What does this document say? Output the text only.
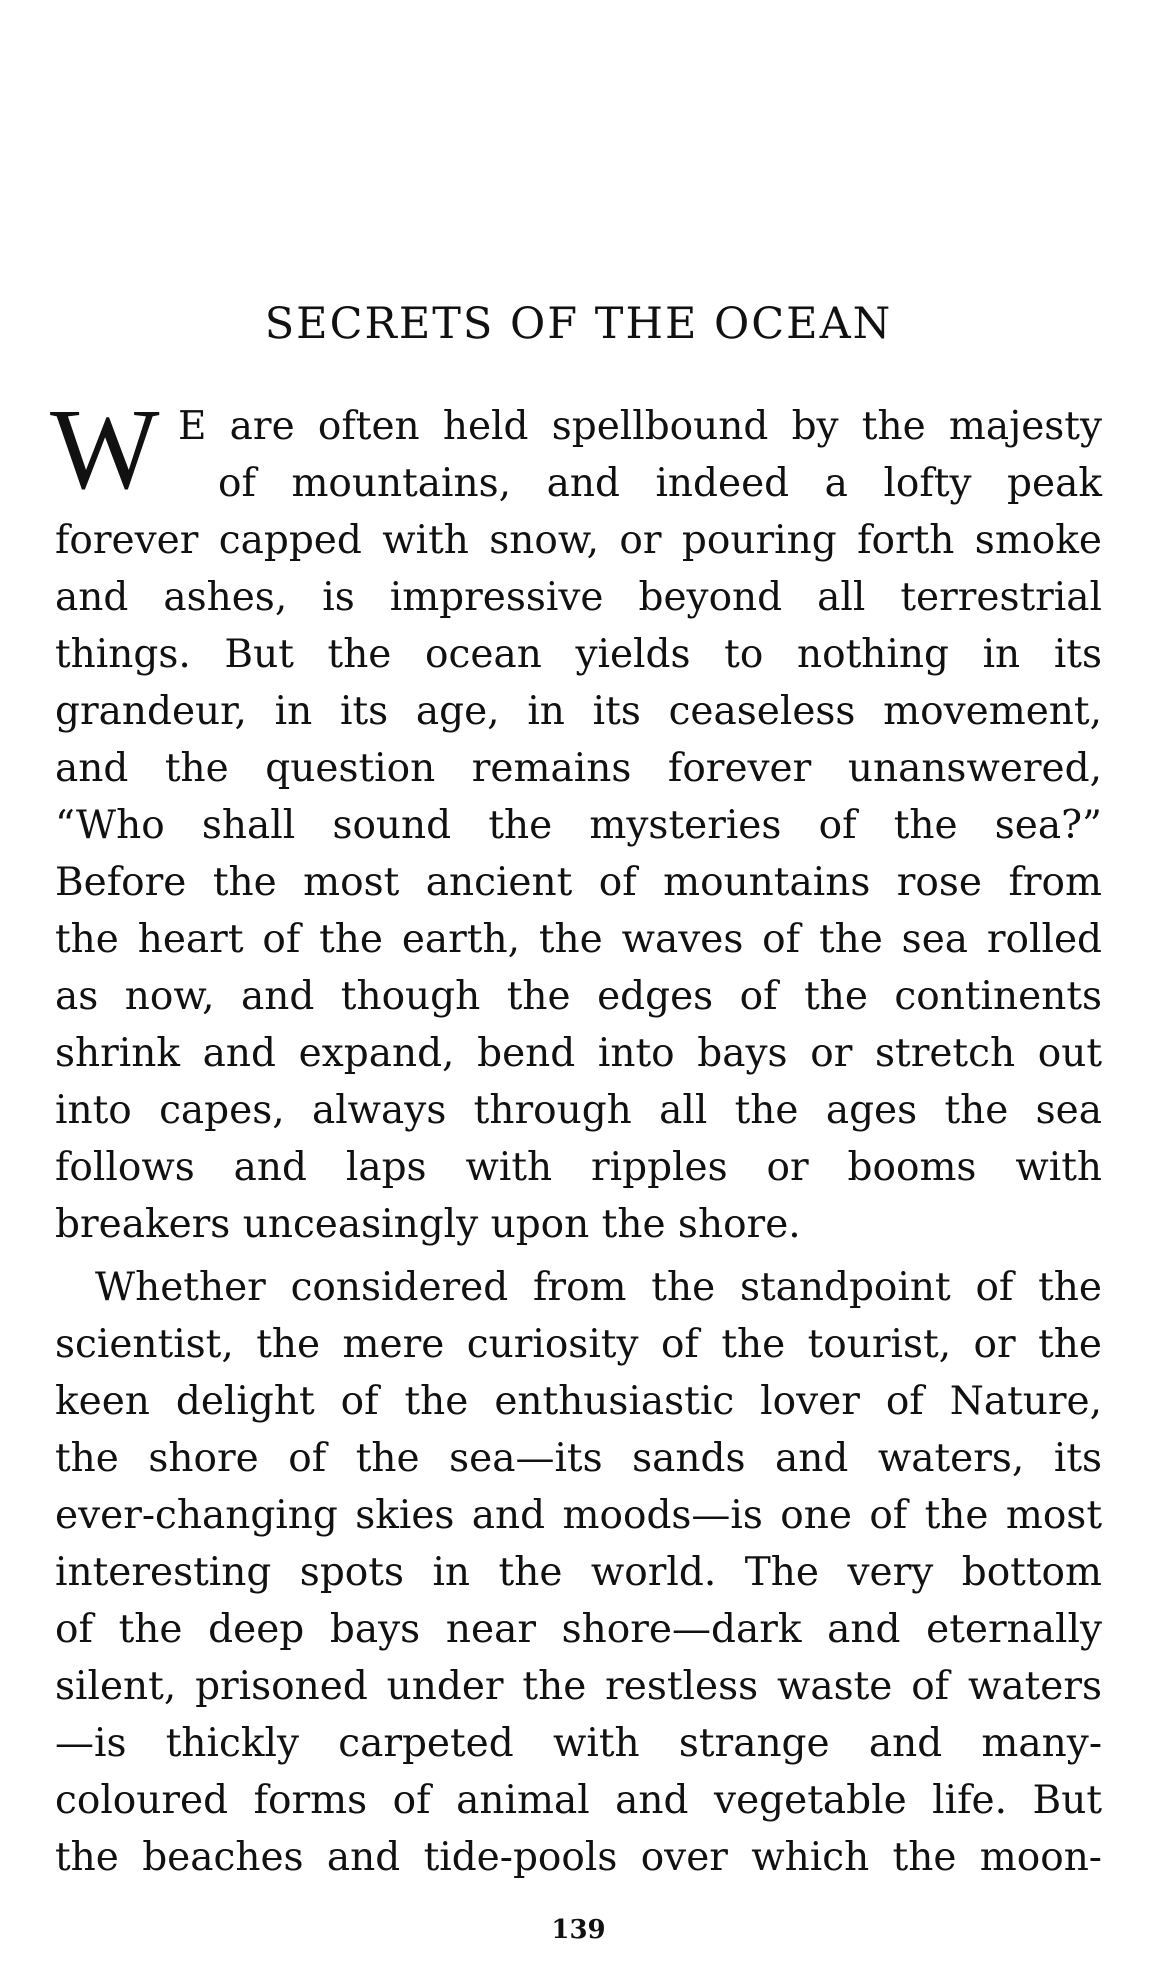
SECRETS OF THE OCEAN
W E are often held spellbound by the majesty
of mountains, and indeed a lofty peak
forever capped with snow, or pouring forth smoke
and ashes, is impressive beyond all terrestrial
things. But the ocean yields to nothing in its
grandeur, in its age, in its ceaseless movement,
and the question remains forever unanswered,
“Who shall sound the mysteries of the sea?”
Before the most ancient of mountains rose from
the heart of the earth, the waves of the sea rolled
as now, and though the edges of the continents
shrink and expand, bend into bays or stretch out
into capes, always through all the ages the sea
follows and laps with ripples or booms with
breakers unceasingly upon the shore.
Whether considered from the standpoint of the
scientist, the mere curiosity of the tourist, or the
keen delight of the enthusiastic lover of Nature,
the shore of the sea—its sands and waters, its
ever-changing skies and moods—is one of the most
interesting spots in the world. The very bottom
of the deep bays near shore—dark and eternally
silent, prisoned under the restless waste of waters
—is thickly carpeted with strange and many-
coloured forms of animal and vegetable life. But
the beaches and tide-pools over which the moon-
139
